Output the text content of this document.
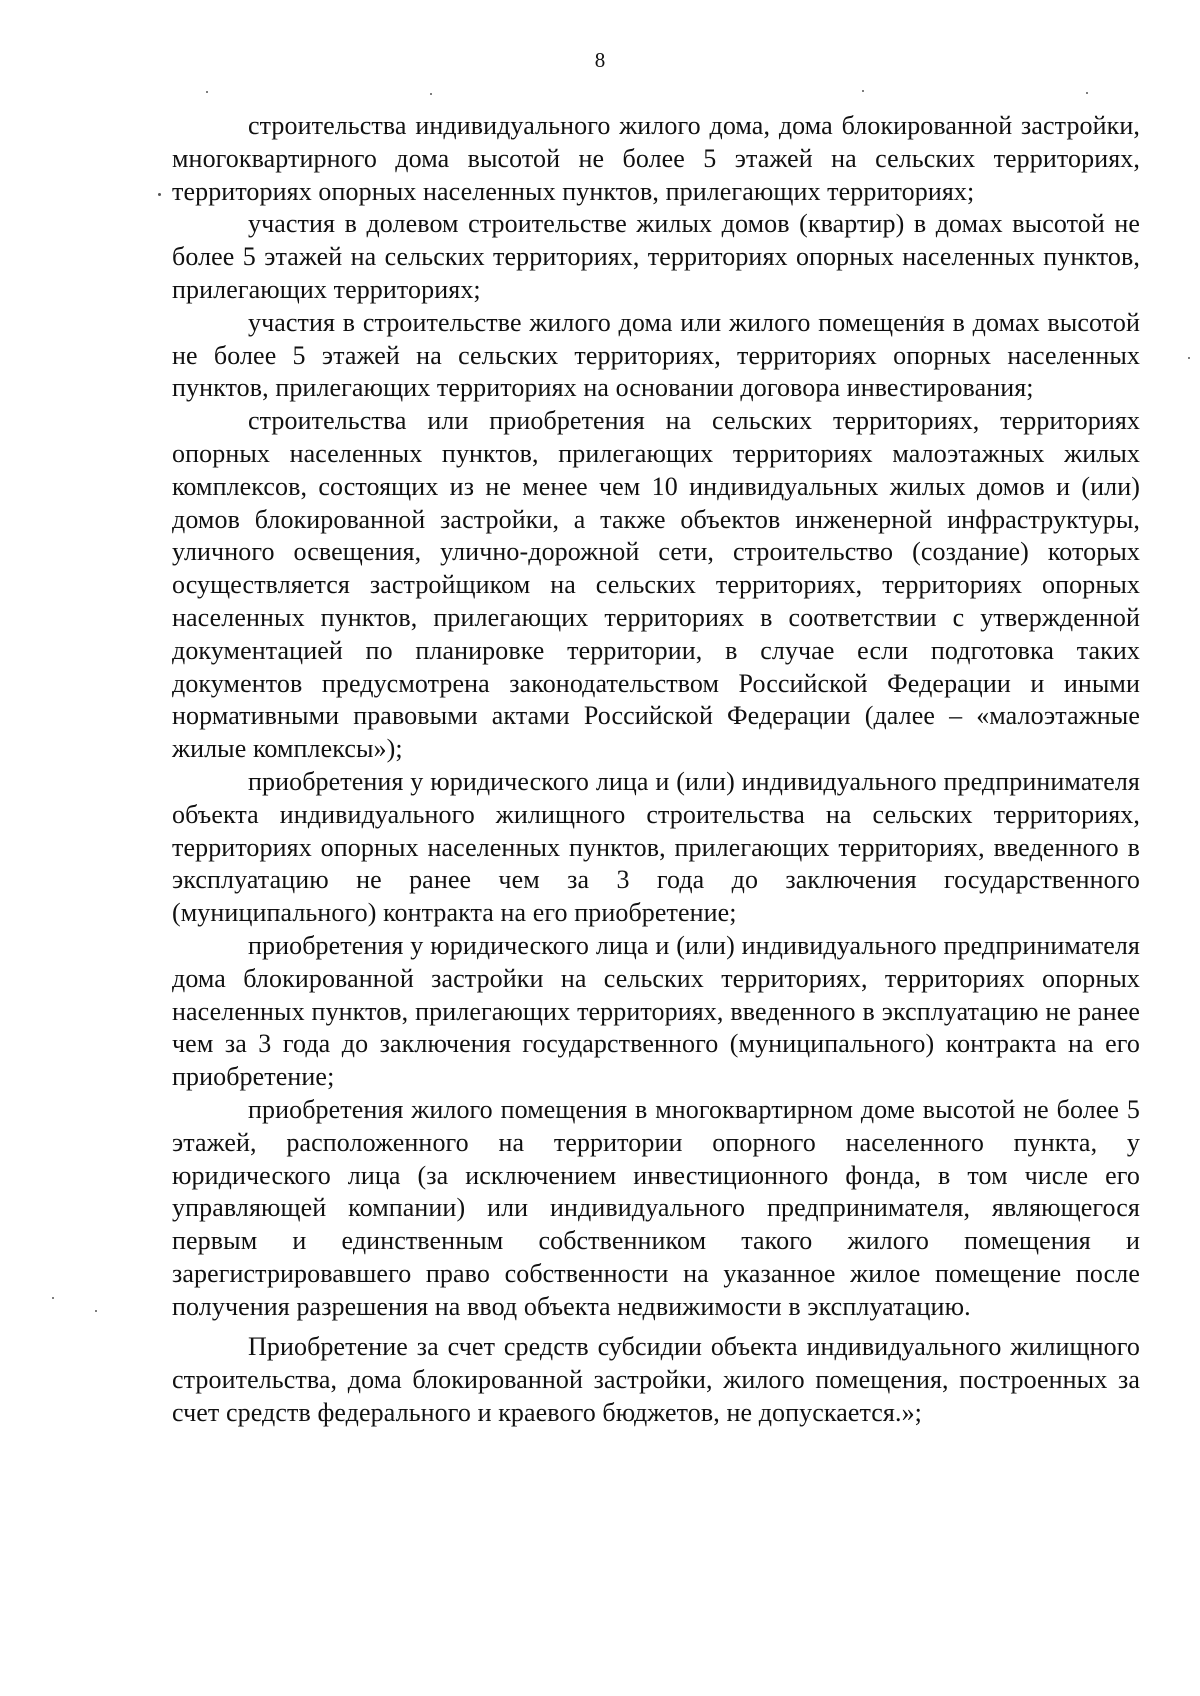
8

строительства индивидуального жилого дома, дома блокированной застройки, многоквартирного дома высотой не более 5 этажей на сельских территориях, территориях опорных населенных пунктов, прилегающих территориях;

участия в долевом строительстве жилых домов (квартир) в домах высотой не более 5 этажей на сельских территориях, территориях опорных населенных пунктов, прилегающих территориях;

участия в строительстве жилого дома или жилого помещения в домах высотой не более 5 этажей на сельских территориях, территориях опорных населенных пунктов, прилегающих территориях на основании договора инвестирования;

строительства или приобретения на сельских территориях, территориях опорных населенных пунктов, прилегающих территориях малоэтажных жилых комплексов, состоящих из не менее чем 10 индивидуальных жилых домов и (или) домов блокированной застройки, а также объектов инженерной инфраструктуры, уличного освещения, улично-дорожной сети, строительство (создание) которых осуществляется застройщиком на сельских территориях, территориях опорных населенных пунктов, прилегающих территориях в соответствии с утвержденной документацией по планировке территории, в случае если подготовка таких документов предусмотрена законодательством Российской Федерации и иными нормативными правовыми актами Российской Федерации (далее – «малоэтажные жилые комплексы»);

приобретения у юридического лица и (или) индивидуального предпринимателя объекта индивидуального жилищного строительства на сельских территориях, территориях опорных населенных пунктов, прилегающих территориях, введенного в эксплуатацию не ранее чем за 3 года до заключения государственного (муниципального) контракта на его приобретение;

приобретения у юридического лица и (или) индивидуального предпринимателя дома блокированной застройки на сельских территориях, территориях опорных населенных пунктов, прилегающих территориях, введенного в эксплуатацию не ранее чем за 3 года до заключения государственного (муниципального) контракта на его приобретение;

приобретения жилого помещения в многоквартирном доме высотой не более 5 этажей, расположенного на территории опорного населенного пункта, у юридического лица (за исключением инвестиционного фонда, в том числе его управляющей компании) или индивидуального предпринимателя, являющегося первым и единственным собственником такого жилого помещения и зарегистрировавшего право собственности на указанное жилое помещение после получения разрешения на ввод объекта недвижимости в эксплуатацию.

Приобретение за счет средств субсидии объекта индивидуального жилищного строительства, дома блокированной застройки, жилого помещения, построенных за счет средств федерального и краевого бюджетов, не допускается.»;
